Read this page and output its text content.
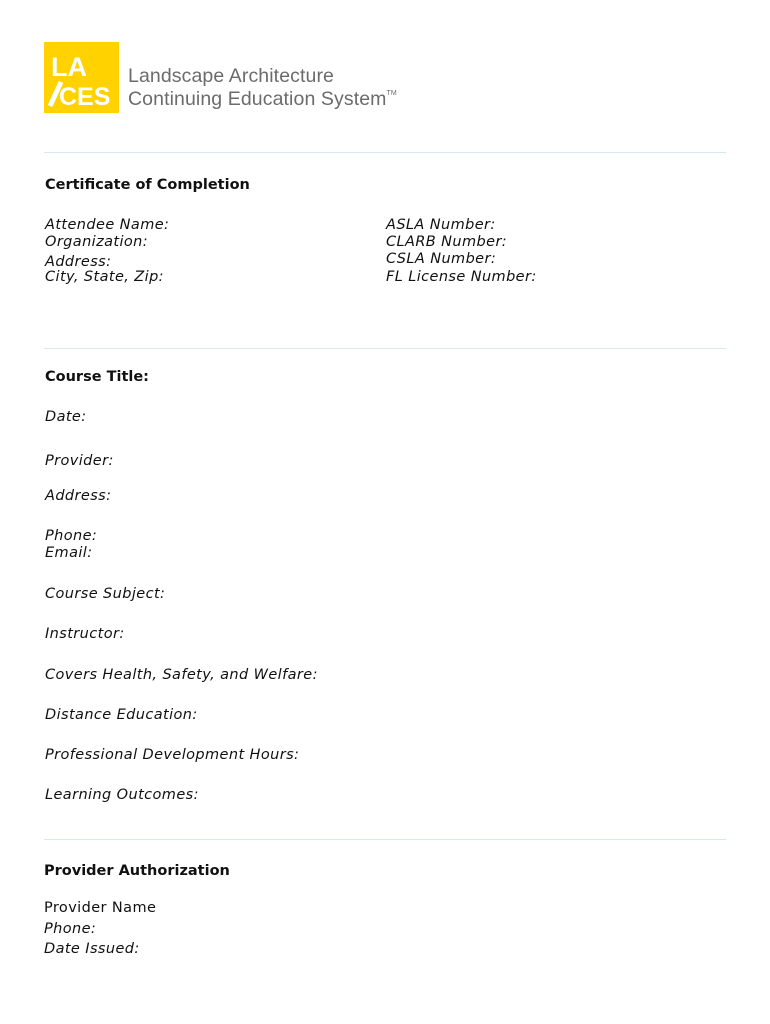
LA
CES
Landscape Architecture
Continuing Education System™
Certificate of Completion
Attendee Name:
Organization:
Address:
City, State, Zip:
ASLA Number:
CLARB Number:
CSLA Number:
FL License Number:
Course Title:
Date:
Provider:
Address:
Phone:
Email:
Course Subject:
Instructor:
Covers Health, Safety, and Welfare:
Distance Education:
Professional Development Hours:
Learning Outcomes:
Provider Authorization
Provider Name
Phone:
Date Issued:
